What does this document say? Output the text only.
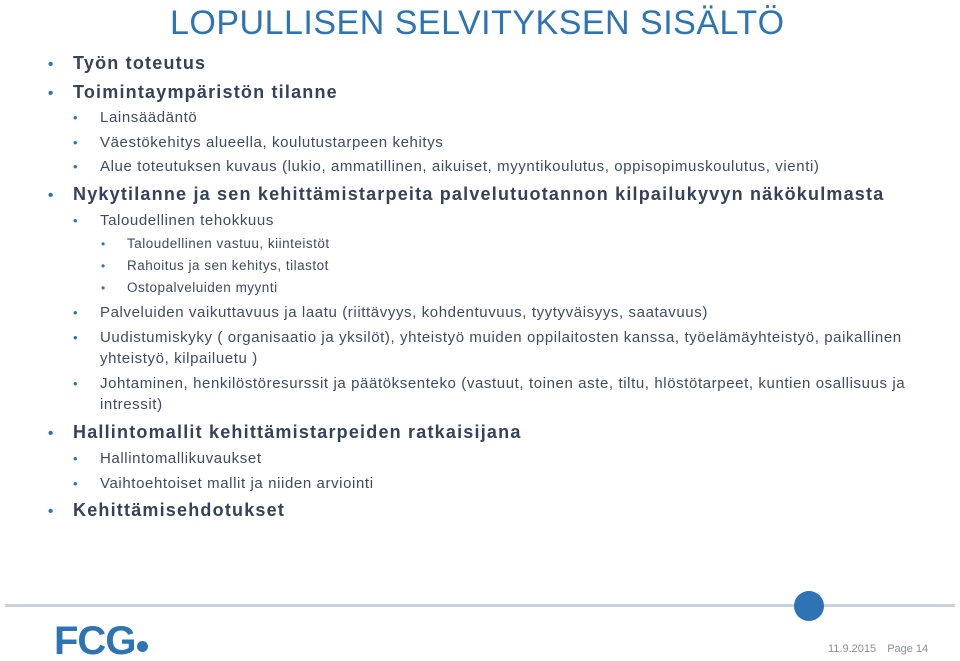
LOPULLISEN SELVITYKSEN SISÄLTÖ
• Työn toteutus
• Toimintaympäristön tilanne
• Lainsäädäntö
• Väestökehitys alueella, koulutustarpeen kehitys
• Alue toteutuksen kuvaus (lukio, ammatillinen, aikuiset, myyntikoulutus, oppisopimuskoulutus, vienti)
• Nykytilanne ja sen kehittämistarpeita palvelutuotannon kilpailukyvyn näkökulmasta
• Taloudellinen tehokkuus
• Taloudellinen vastuu, kiinteistöt
• Rahoitus ja sen kehitys, tilastot
• Ostopalveluiden myynti
• Palveluiden vaikuttavuus ja laatu (riittävyys, kohdentuvuus, tyytyväisyys, saatavuus)
• Uudistumiskyky ( organisaatio ja yksilöt), yhteistyö muiden oppilaitosten kanssa, työelämäyhteistyö, paikallinen yhteistyö, kilpailuetu )
• Johtaminen, henkilöstöresurssit ja päätöksenteko (vastuut, toinen aste, tiltu, hlöstötarpeet, kuntien osallisuus ja intressit)
• Hallintomallit kehittämistarpeiden ratkaisijana
• Hallintomallikuvaukset
• Vaihtoehtoiset mallit ja niiden arviointi
• Kehittämisehdotukset
FCG	11.9.2015 Page 14
